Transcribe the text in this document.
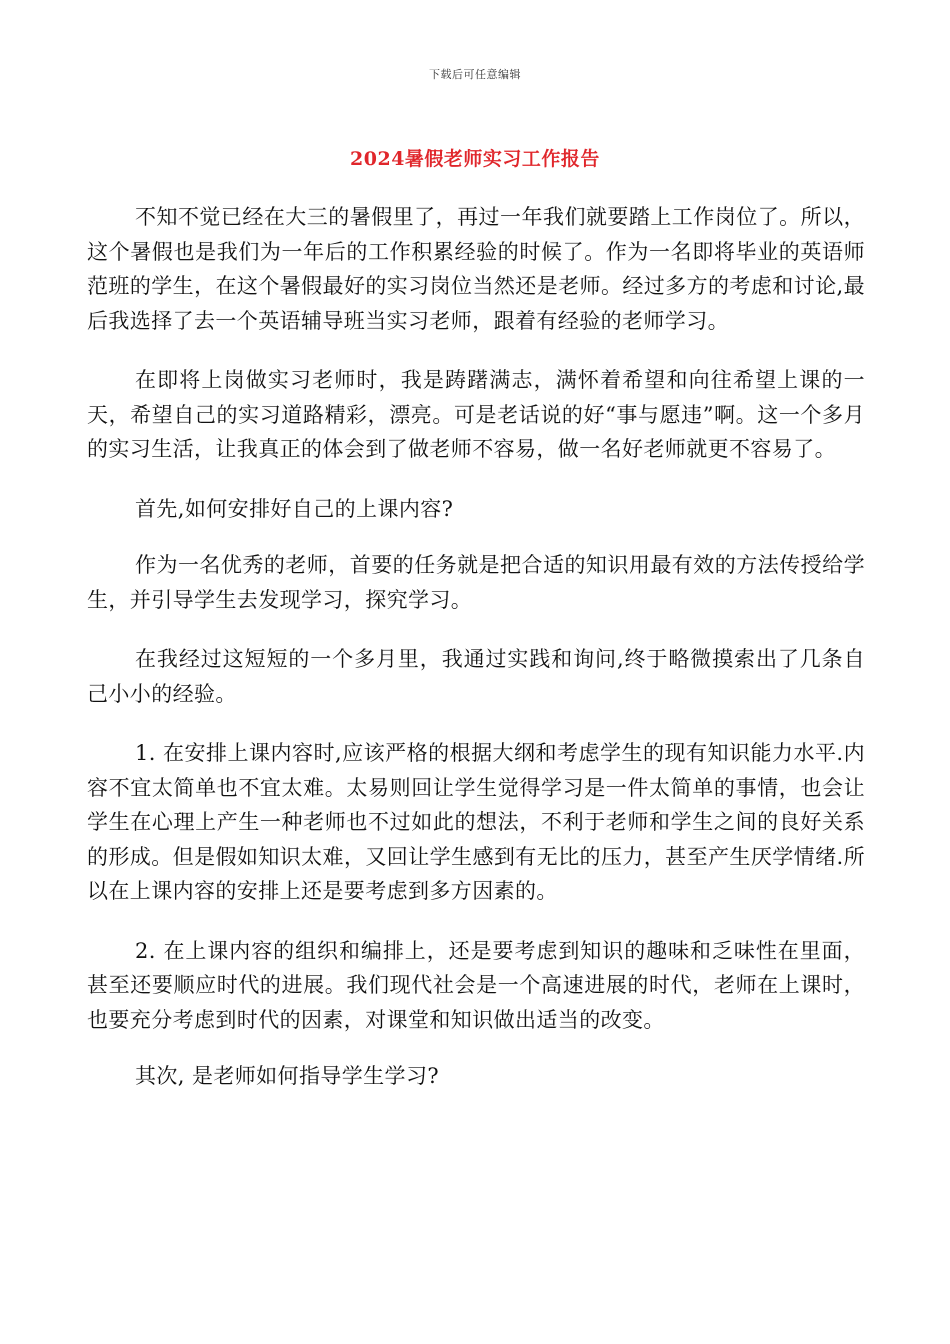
下载后可任意编辑
2024暑假老师实习工作报告

不知不觉已经在大三的暑假里了，再过一年我们就要踏上工作岗位了。所以，这个暑假也是我们为一年后的工作积累经验的时候了。作为一名即将毕业的英语师范班的学生，在这个暑假最好的实习岗位当然还是老师。经过多方的考虑和讨论,最后我选择了去一个英语辅导班当实习老师，跟着有经验的老师学习。

在即将上岗做实习老师时，我是踌躇满志，满怀着希望和向往希望上课的一天，希望自己的实习道路精彩，漂亮。可是老话说的好“事与愿违”啊。这一个多月的实习生活，让我真正的体会到了做老师不容易，做一名好老师就更不容易了。

首先,如何安排好自己的上课内容?

作为一名优秀的老师，首要的任务就是把合适的知识用最有效的方法传授给学生，并引导学生去发现学习，探究学习。

在我经过这短短的一个多月里，我通过实践和询问,终于略微摸索出了几条自己小小的经验。

1. 在安排上课内容时,应该严格的根据大纲和考虑学生的现有知识能力水平.内容不宜太简单也不宜太难。太易则回让学生觉得学习是一件太简单的事情，也会让学生在心理上产生一种老师也不过如此的想法，不利于老师和学生之间的良好关系的形成。但是假如知识太难，又回让学生感到有无比的压力，甚至产生厌学情绪.所以在上课内容的安排上还是要考虑到多方因素的。

2. 在上课内容的组织和编排上，还是要考虑到知识的趣味和乏味性在里面，甚至还要顺应时代的进展。我们现代社会是一个高速进展的时代，老师在上课时，也要充分考虑到时代的因素，对课堂和知识做出适当的改变。

其次, 是老师如何指导学生学习?
